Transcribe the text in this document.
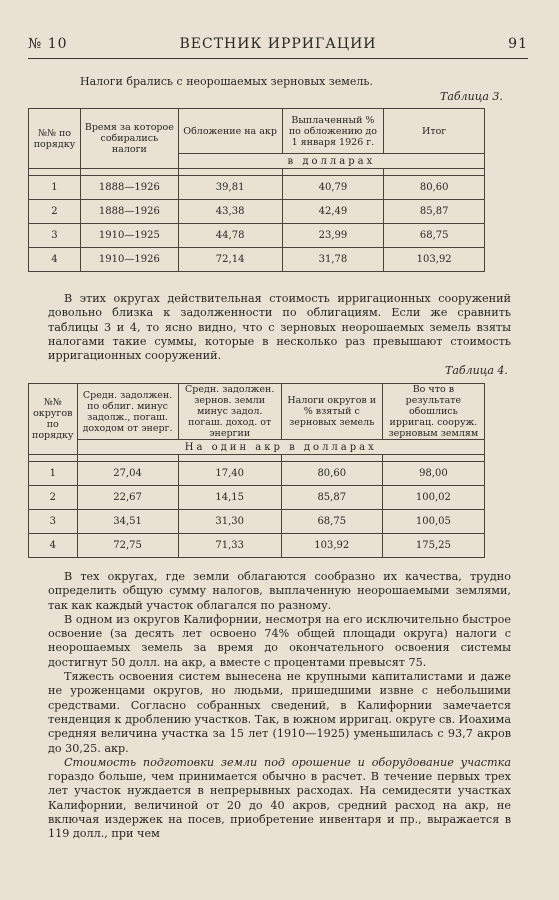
№ 10	ВЕСТНИК ИРРИГАЦИИ	91
Налоги брались с неорошаемых зерновых земель.
Таблица 3.
№№ по порядку	Время за которое собирались налоги	Обложение на акр	Выплаченный % по обложению до 1 января 1926 г.	Итог
		в долларах		

1	1888—1926	39,81	40,79	80,60
2	1888—1926	43,38	42,49	85,87
3	1910—1925	44,78	23,99	68,75
4	1910—1926	72,14	31,78	103,92

В этих округах действительная стоимость ирригационных сооружений довольно близка к задолженности по облигациям. Если же сравнить таблицы 3 и 4, то ясно видно, что с зерновых неорошаемых земель взяты налогами такие суммы, которые в несколько раз превышают стоимость ирригационных сооружений.

Таблица 4.
№№ округов по порядку	Средн. задолжен. по облиг. минус задолж., погаш. доходом от энерг.	Средн. задолжен. зернов. земли минус задол. погаш. доход. от энергии	Налоги округов и % взятый с зерновых земель	Во что в результате обошлись ирригац. сооруж. зерновым землям
	На один акр в долларах			

1	27,04	17,40	80,60	98,00
2	22,67	14,15	85,87	100,02
3	34,51	31,30	68,75	100,05
4	72,75	71,33	103,92	175,25

В тех округах, где земли облагаются сообразно их качества, трудно определить общую сумму налогов, выплаченную неорошаемыми землями, так как каждый участок облагался по разному.

В одном из округов Калифорнии, несмотря на его исключительно быстрое освоение (за десять лет освоено 74% общей площади округа) налоги с неорошаемых земель за время до окончательного освоения системы достигнут 50 долл. на акр, а вместе с процентами превысят 75.

Тяжесть освоения систем вынесена не крупными капиталистами и даже не уроженцами округов, но людьми, пришедшими извне с небольшими средствами. Согласно собранных сведений, в Калифорнии замечается тенденция к дроблению участков. Так, в южном ирригац. округе св. Иоахима средняя величина участка за 15 лет (1910—1925) уменьшилась с 93,7 акров до 30,25. акр.

Стоимость подготовки земли под орошение и оборудование участка гораздо больше, чем принимается обычно в расчет. В течение первых трех лет участок нуждается в непрерывных расходах. На семидесяти участках Калифорнии, величиной от 20 до 40 акров, средний расход на акр, не включая издержек на посев, приобретение инвентаря и пр., выражается в 119 долл., при чем
